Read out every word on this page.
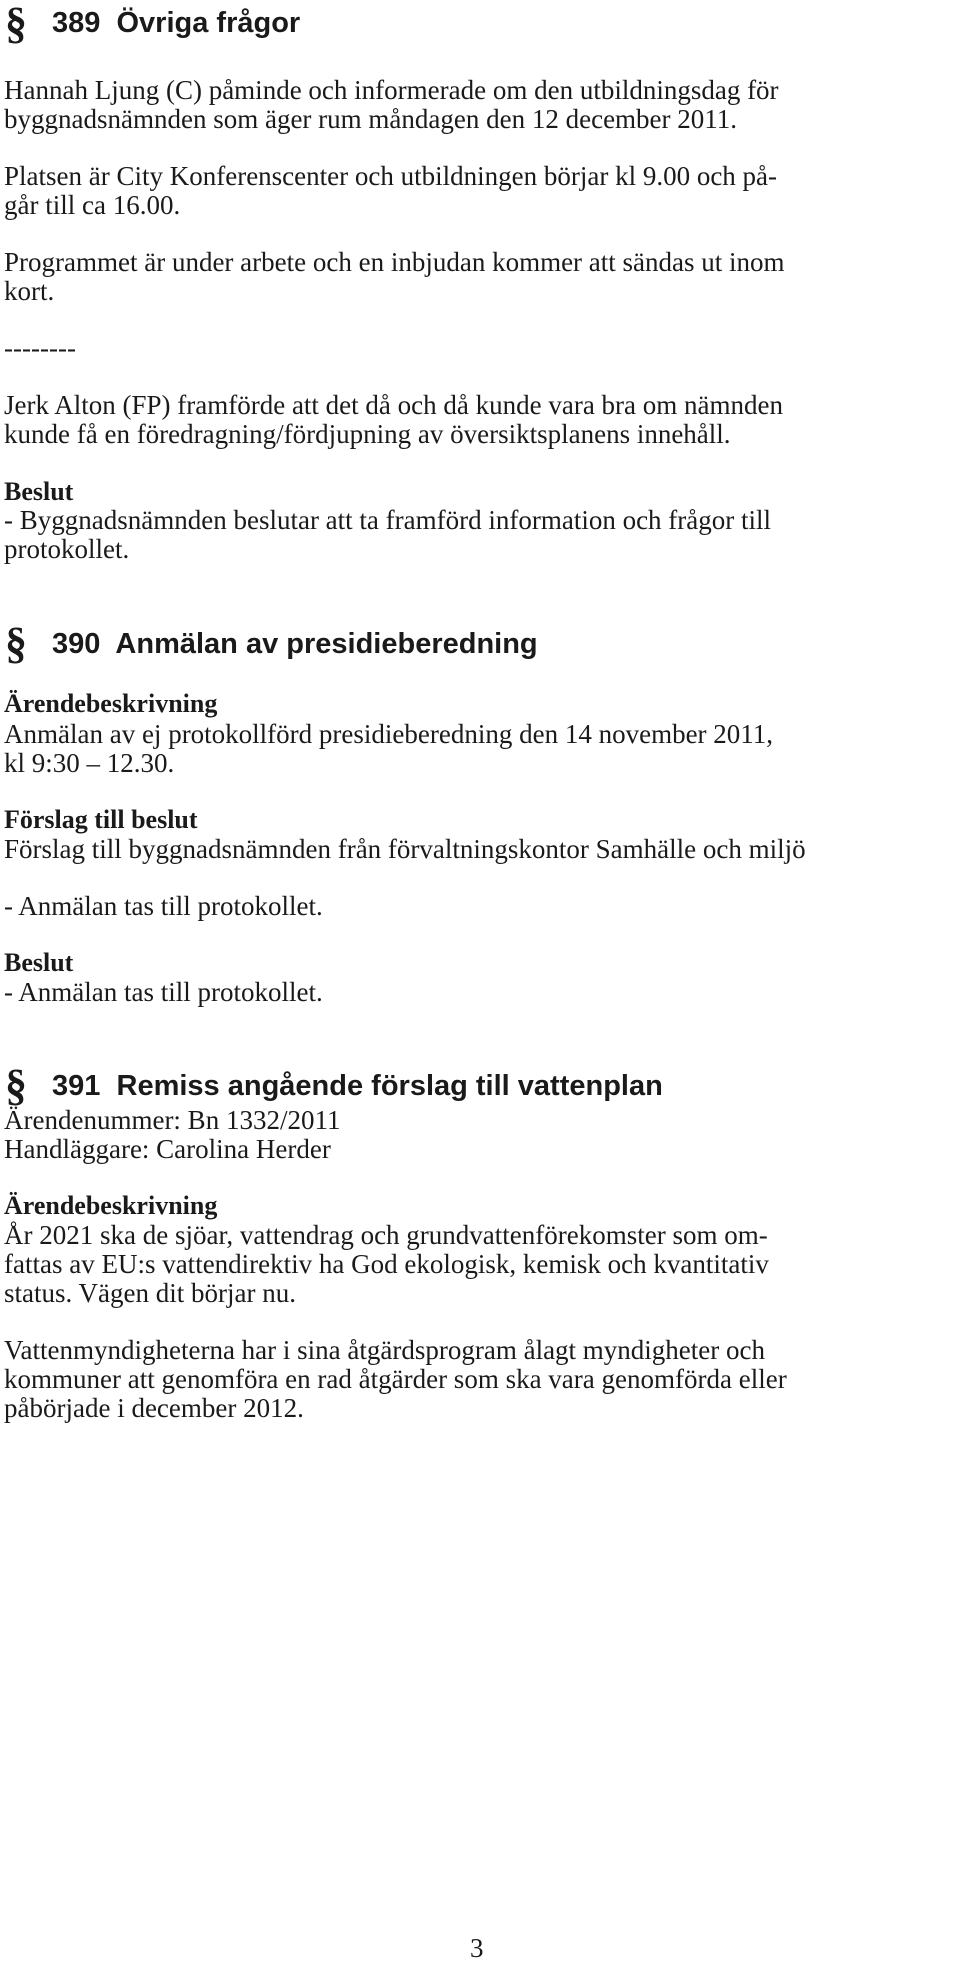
§ 389  Övriga frågor
Hannah Ljung (C) påminde och informerade om den utbildningsdag för
byggnadsnämnden som äger rum måndagen den 12 december 2011.
Platsen är City Konferenscenter och utbildningen börjar kl 9.00 och på-
går till ca 16.00.
Programmet är under arbete och en inbjudan kommer att sändas ut inom
kort.
--------
Jerk Alton (FP) framförde att det då och då kunde vara bra om nämnden
kunde få en föredragning/fördjupning av översiktsplanens innehåll.
Beslut
- Byggnadsnämnden beslutar att ta framförd information och frågor till
protokollet.
§ 390  Anmälan av presidieberedning
Ärendebeskrivning
Anmälan av ej protokollförd presidieberedning den 14 november 2011,
kl 9:30 – 12.30.
Förslag till beslut
Förslag till byggnadsnämnden från förvaltningskontor Samhälle och miljö
- Anmälan tas till protokollet.
Beslut
- Anmälan tas till protokollet.
§ 391  Remiss angående förslag till vattenplan
Ärendenummer: Bn 1332/2011
Handläggare: Carolina Herder
Ärendebeskrivning
År 2021 ska de sjöar, vattendrag och grundvattenförekomster som om-
fattas av EU:s vattendirektiv ha God ekologisk, kemisk och kvantitativ
status. Vägen dit börjar nu.
Vattenmyndigheterna har i sina åtgärdsprogram ålagt myndigheter och
kommuner att genomföra en rad åtgärder som ska vara genomförda eller
påbörjade i december 2012.
3
